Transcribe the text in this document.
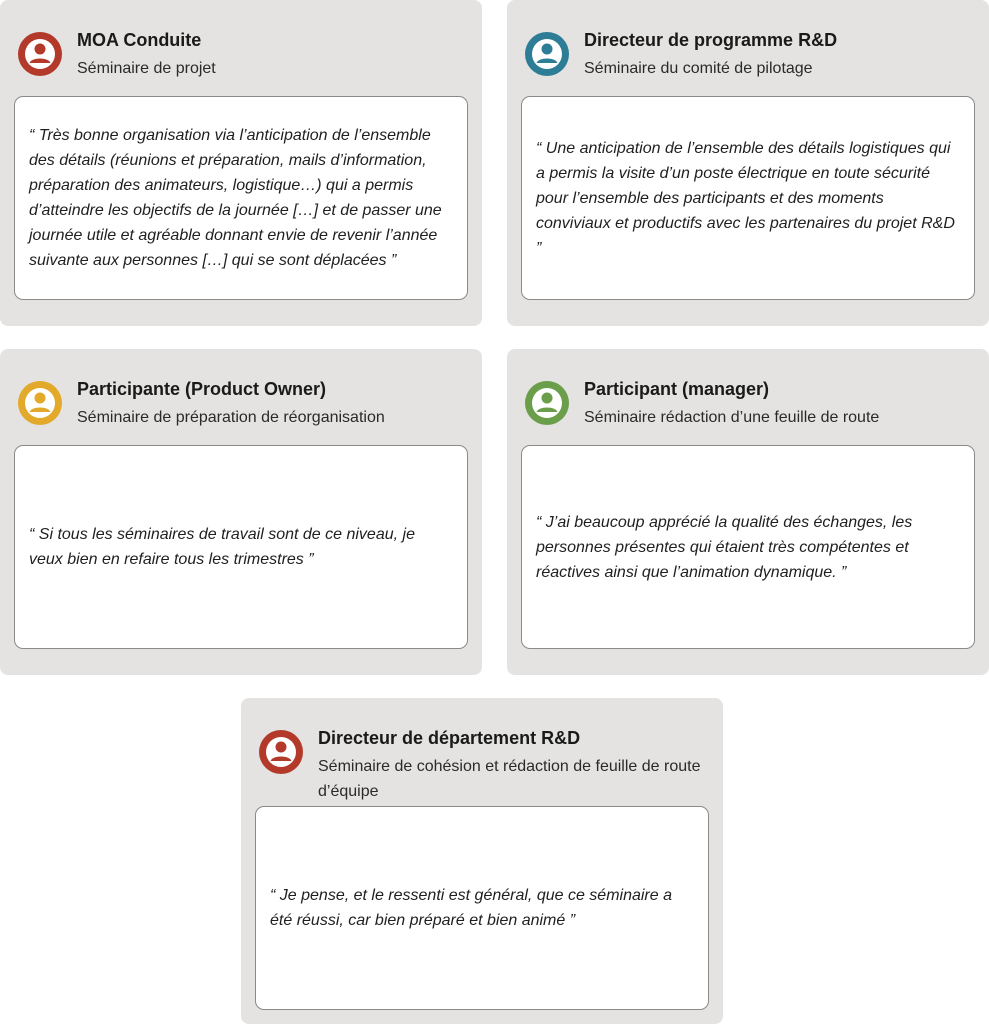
MOA Conduite
Séminaire de projet

“ Très bonne organisation via l’anticipation de l’ensemble des détails (réunions et préparation, mails d’information, préparation des animateurs, logistique…) qui a permis d’atteindre les objectifs de la journée […] et de passer une journée utile et agréable donnant envie de revenir l’année suivante aux personnes […] qui se sont déplacées ”

Directeur de programme R&D
Séminaire du comité de pilotage

“ Une anticipation de l’ensemble des détails logistiques qui a permis la visite d’un poste électrique en toute sécurité pour l’ensemble des participants et des moments conviviaux et productifs avec les partenaires du projet R&D ”

Participante (Product Owner)
Séminaire de préparation de réorganisation

“ Si tous les séminaires de travail sont de ce niveau, je veux bien en refaire tous les trimestres ”

Participant (manager)
Séminaire rédaction d’une feuille de route

“ J’ai beaucoup apprécié la qualité des échanges, les personnes présentes qui étaient très compétentes et réactives ainsi que l’animation dynamique. ”

Directeur de département R&D
Séminaire de cohésion et rédaction de feuille de route d’équipe

“ Je pense, et le ressenti est général, que ce séminaire a été réussi, car bien préparé et bien animé ”
